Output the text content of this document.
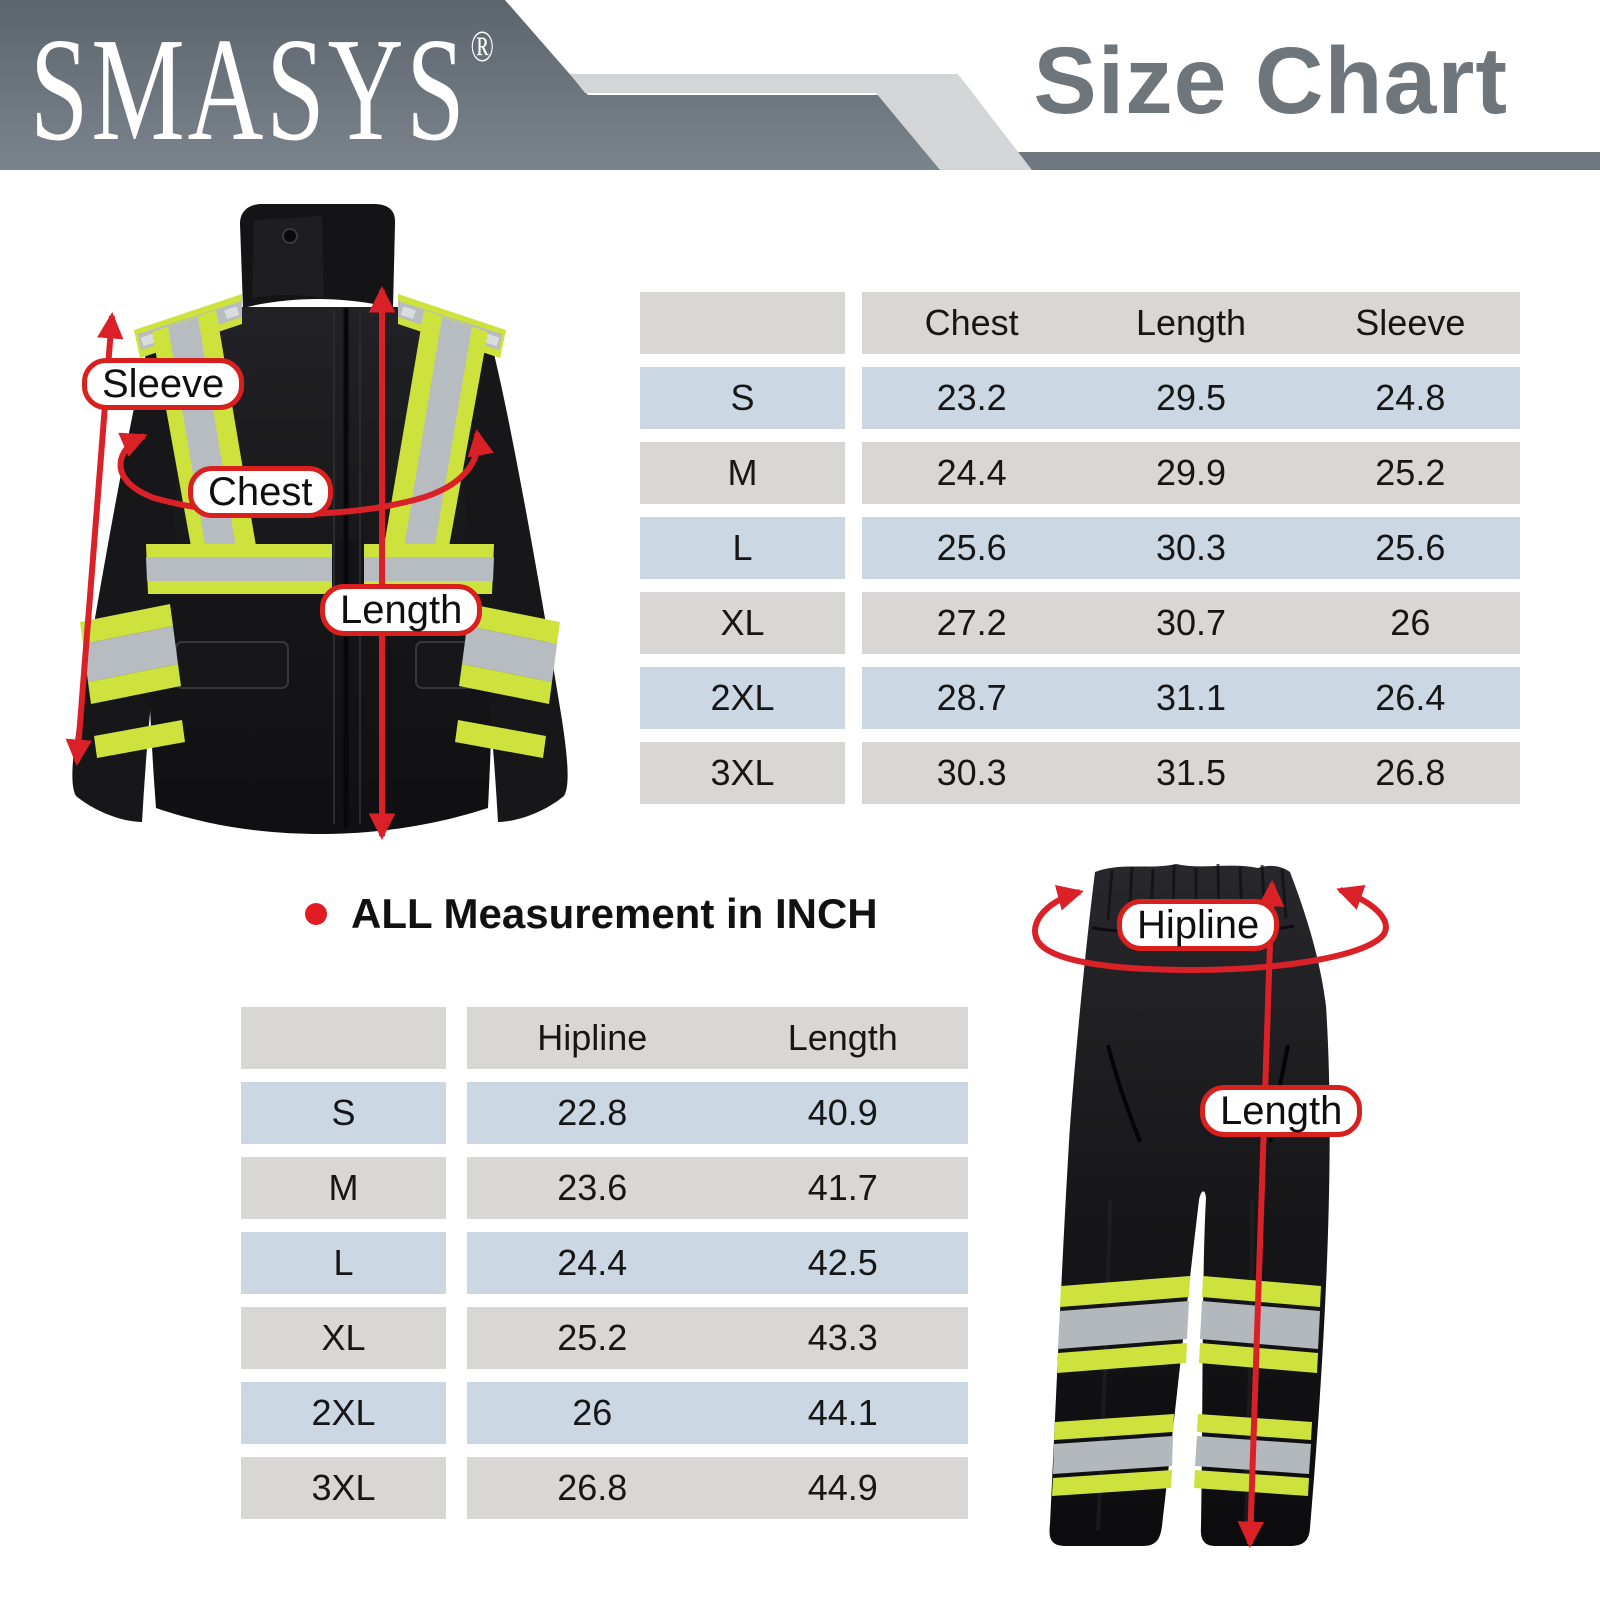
SMASYS®	Size Chart
Sleeve
Chest
Length
Chest	Length	Sleeve
S	23.2	29.5	24.8
M	24.4	29.9	25.2
L	25.6	30.3	25.6
XL	27.2	30.7	26
2XL	28.7	31.1	26.4
3XL	30.3	31.5	26.8
ALL Measurement in INCH
Hipline	Length
S	22.8	40.9
M	23.6	41.7
L	24.4	42.5
XL	25.2	43.3
2XL	26	44.1
3XL	26.8	44.9
Hipline
Length
